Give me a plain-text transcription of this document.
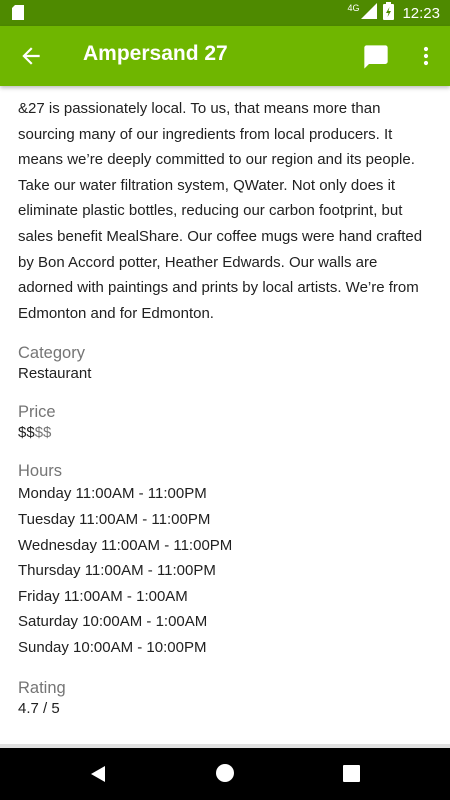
4G	12:23
Ampersand 27

&27 is passionately local. To us, that means more than sourcing many of our ingredients from local producers. It means we’re deeply committed to our region and its people. Take our water filtration system, QWater. Not only does it eliminate plastic bottles, reducing our carbon footprint, but sales benefit MealShare. Our coffee mugs were hand crafted by Bon Accord potter, Heather Edwards. Our walls are adorned with paintings and prints by local artists. We’re from Edmonton and for Edmonton.

Category
Restaurant
Price
$$$$
Hours
Monday 11:00AM - 11:00PM
Tuesday 11:00AM - 11:00PM
Wednesday 11:00AM - 11:00PM
Thursday 11:00AM - 11:00PM
Friday 11:00AM - 1:00AM
Saturday 10:00AM - 1:00AM
Sunday 10:00AM - 10:00PM
Rating
4.7 / 5
